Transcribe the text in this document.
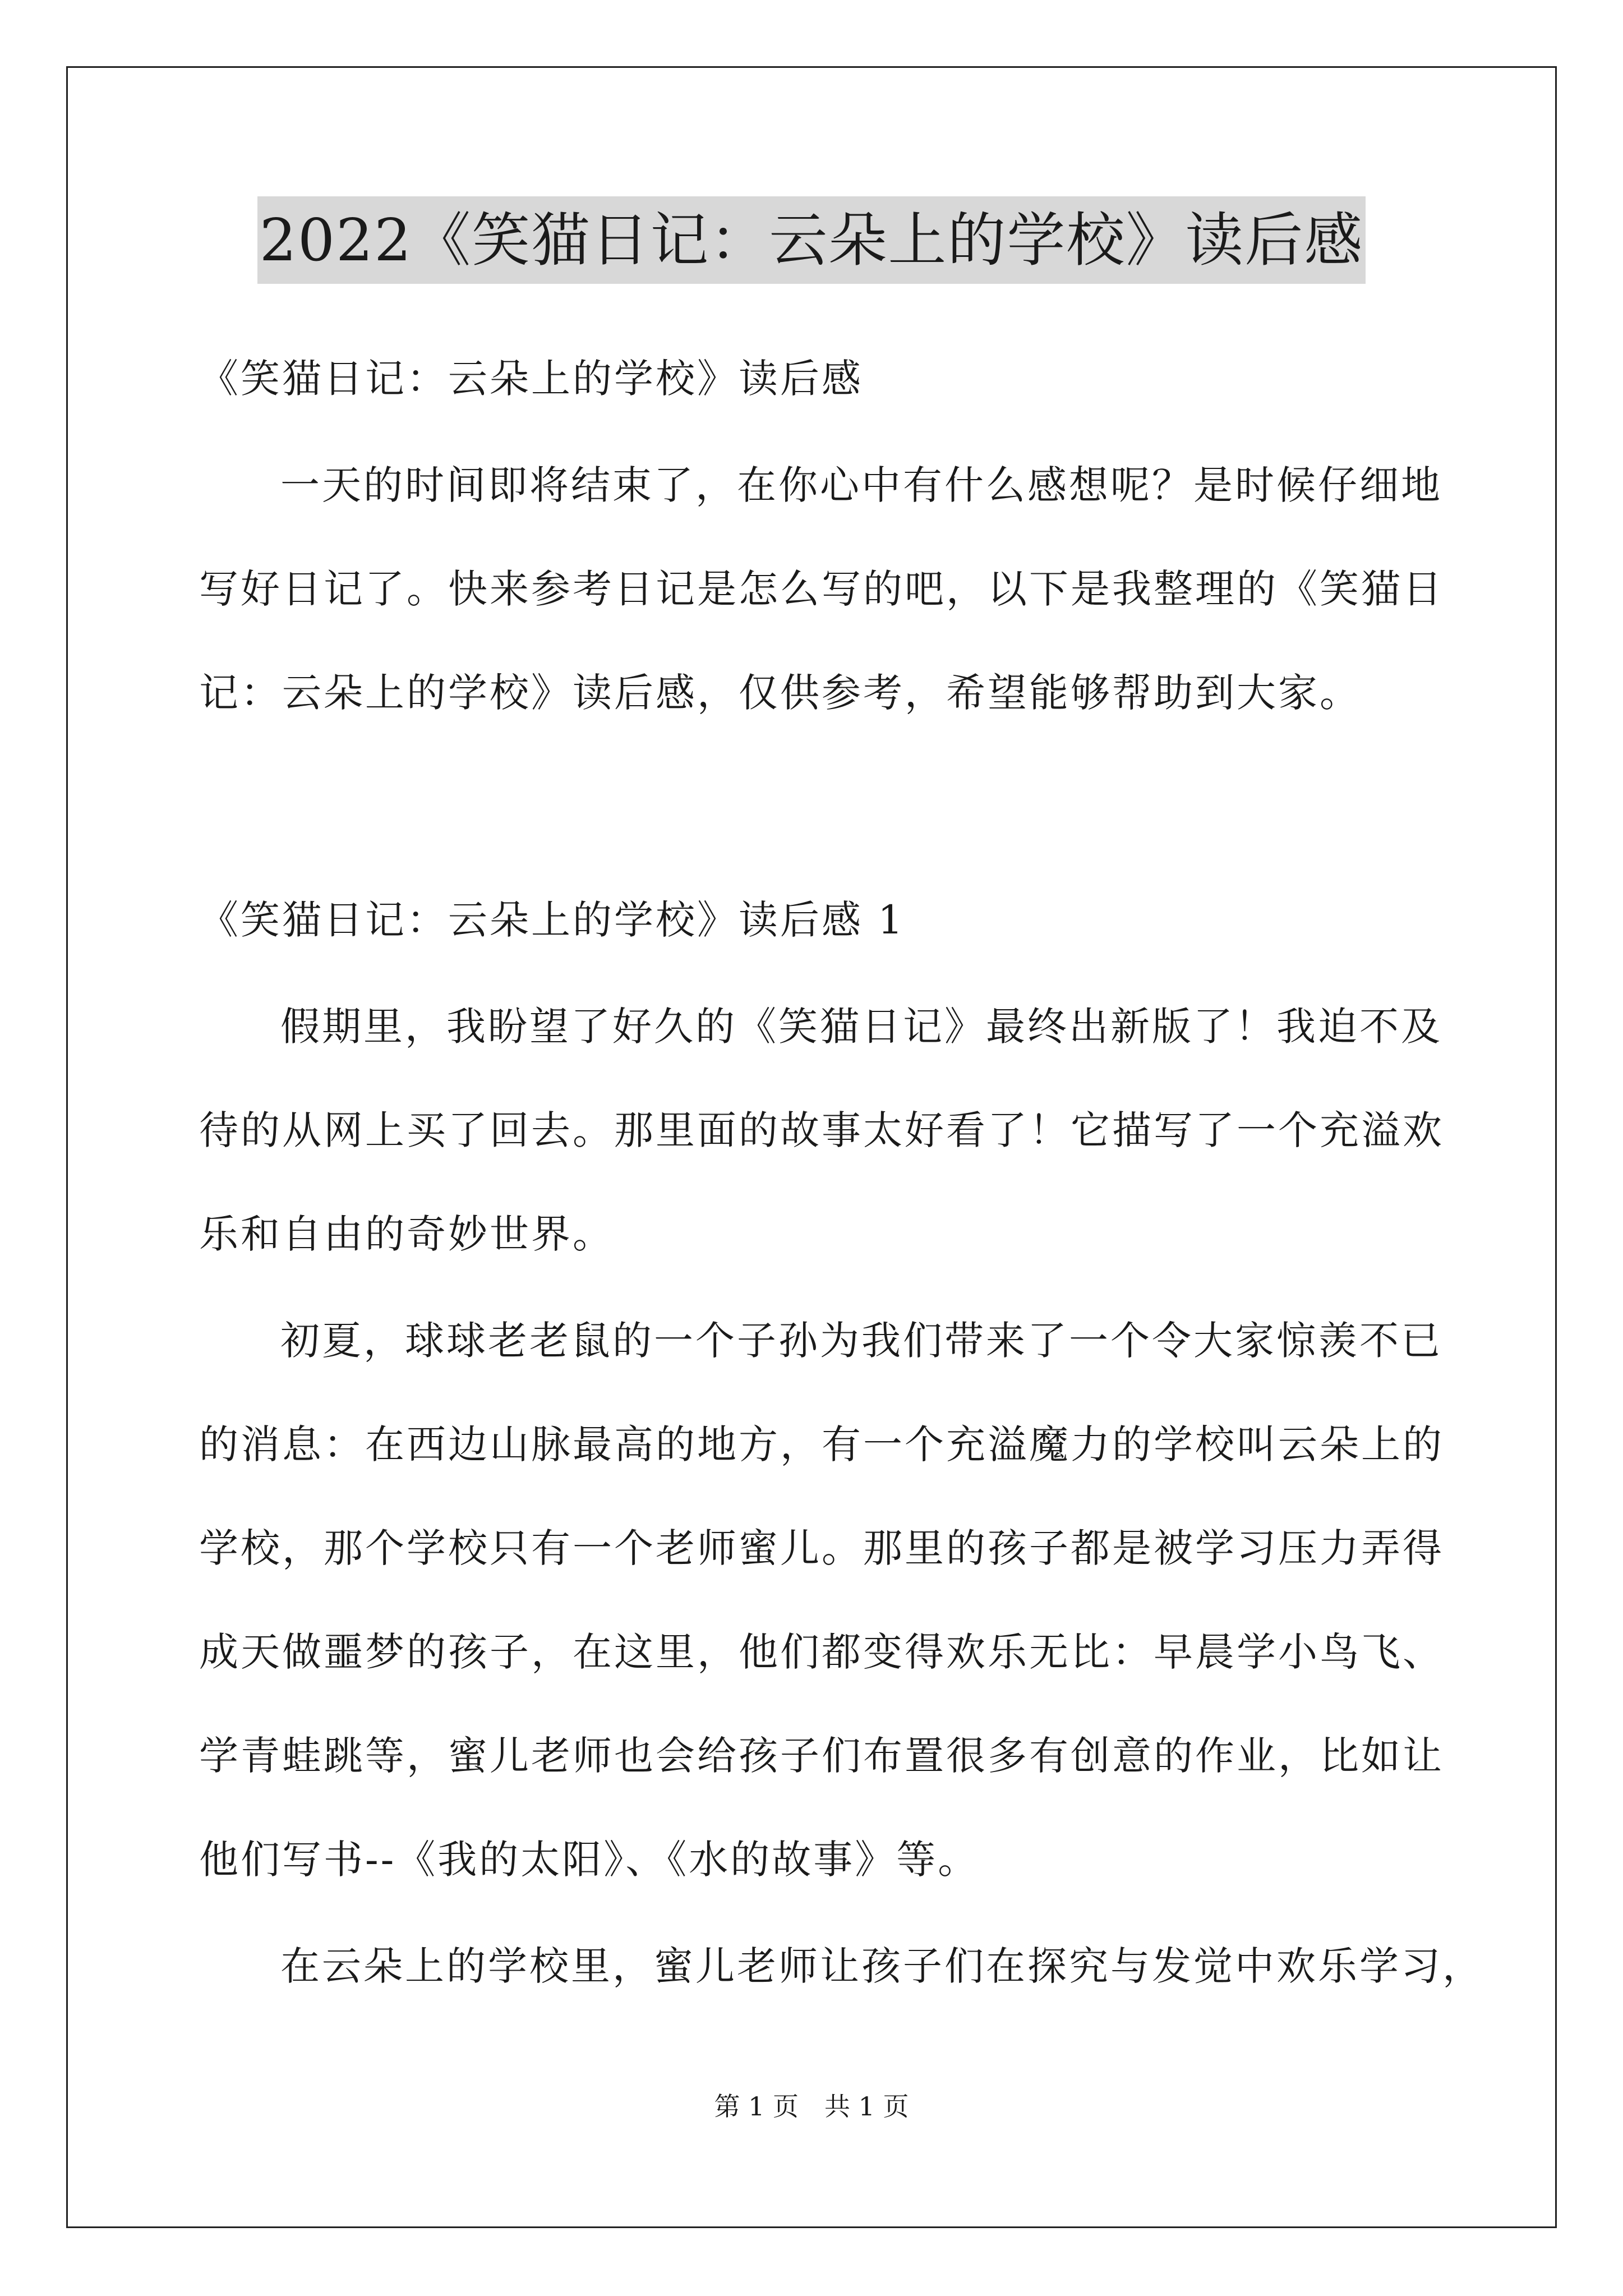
2022《笑猫日记：云朵上的学校》读后感
《笑猫日记：云朵上的学校》读后感
一天的时间即将结束了，在你心中有什么感想呢？是时候仔细地
写好日记了。快来参考日记是怎么写的吧，以下是我整理的《笑猫日
记：云朵上的学校》读后感，仅供参考，希望能够帮助到大家。
《笑猫日记：云朵上的学校》读后感 1
假期里，我盼望了好久的《笑猫日记》最终出新版了！我迫不及
待的从网上买了回去。那里面的故事太好看了！它描写了一个充溢欢
乐和自由的奇妙世界。
初夏，球球老老鼠的一个子孙为我们带来了一个令大家惊羡不已
的消息：在西边山脉最高的地方，有一个充溢魔力的学校叫云朵上的
学校，那个学校只有一个老师蜜儿。那里的孩子都是被学习压力弄得
成天做噩梦的孩子，在这里，他们都变得欢乐无比：早晨学小鸟飞、
学青蛙跳等，蜜儿老师也会给孩子们布置很多有创意的作业，比如让
他们写书--《我的太阳》、《水的故事》等。
在云朵上的学校里，蜜儿老师让孩子们在探究与发觉中欢乐学习，
第 1 页　共 1 页
